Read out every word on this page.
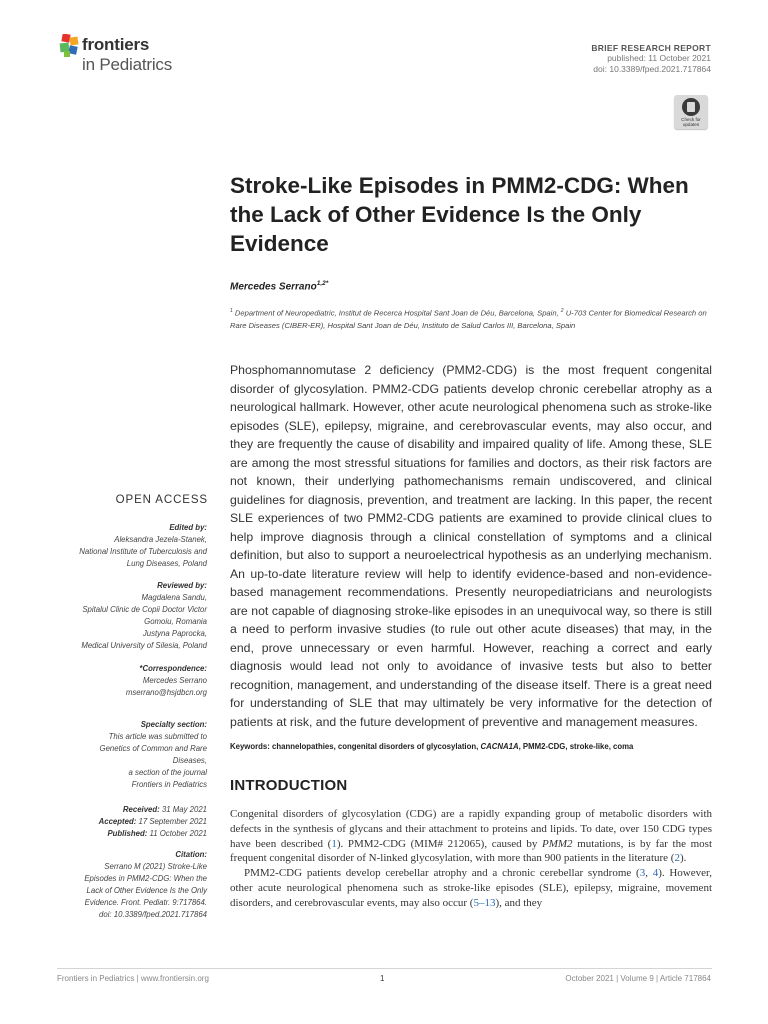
frontiers
in Pediatrics
BRIEF RESEARCH REPORT
published: 11 October 2021
doi: 10.3389/fped.2021.717864
Check for updates
Stroke-Like Episodes in PMM2-CDG: When the Lack of Other Evidence Is the Only Evidence
Mercedes Serrano$^{1,2*}$
$^1$ Department of Neuropediatric, Institut de Recerca Hospital Sant Joan de Déu, Barcelona, Spain, $^2$ U-703 Center for Biomedical Research on Rare Diseases (CIBER-ER), Hospital Sant Joan de Déu, Instituto de Salud Carlos III, Barcelona, Spain

Phosphomannomutase 2 deficiency (PMM2-CDG) is the most frequent congenital disorder of glycosylation. PMM2-CDG patients develop chronic cerebellar atrophy as a neurological hallmark. However, other acute neurological phenomena such as stroke-like episodes (SLE), epilepsy, migraine, and cerebrovascular events, may also occur, and they are frequently the cause of disability and impaired quality of life. Among these, SLE are among the most stressful situations for families and doctors, as their risk factors are not known, their underlying pathomechanisms remain undiscovered, and clinical guidelines for diagnosis, prevention, and treatment are lacking. In this paper, the recent SLE experiences of two PMM2-CDG patients are examined to provide clinical clues to help improve diagnosis through a clinical constellation of symptoms and a clinical definition, but also to support a neuroelectrical hypothesis as an underlying mechanism. An up-to-date literature review will help to identify evidence-based and non-evidence-based management recommendations. Presently neuropediatricians and neurologists are not capable of diagnosing stroke-like episodes in an unequivocal way, so there is still a need to perform invasive studies (to rule out other acute diseases) that may, in the end, prove unnecessary or even harmful. However, reaching a correct and early diagnosis would lead not only to avoidance of invasive tests but also to better recognition, management, and understanding of the disease itself. There is a great need for understanding of SLE that may ultimately be very informative for the detection of patients at risk, and the future development of preventive and management measures.

Keywords: channelopathies, congenital disorders of glycosylation, CACNA1A, PMM2-CDG, stroke-like, coma
INTRODUCTION

Congenital disorders of glycosylation (CDG) are a rapidly expanding group of metabolic disorders with defects in the synthesis of glycans and their attachment to proteins and lipids. To date, over 150 CDG types have been described (1). PMM2-CDG (MIM# 212065), caused by PMM2 mutations, is by far the most frequent congenital disorder of N-linked glycosylation, with more than 900 patients in the literature (2).

PMM2-CDG patients develop cerebellar atrophy and a chronic cerebellar syndrome (3, 4). However, other acute neurological phenomena such as stroke-like episodes (SLE), epilepsy, migraine, movement disorders, and cerebrovascular events, may also occur (5–13), and they

OPEN ACCESS
Edited by:
Aleksandra Jezela-Stanek,
National Institute of Tuberculosis and
Lung Diseases, Poland
Reviewed by:
Magdalena Sandu,
Spitalul Clinic de Copii Doctor Victor
Gomoiu, Romania
Justyna Paprocka,
Medical University of Silesia, Poland
*Correspondence:
Mercedes Serrano
mserrano@hsjdbcn.org
Specialty section:
This article was submitted to
Genetics of Common and Rare
Diseases,
a section of the journal
Frontiers in Pediatrics
Received: 31 May 2021
Accepted: 17 September 2021
Published: 11 October 2021
Citation:
Serrano M (2021) Stroke-Like
Episodes in PMM2-CDG: When the
Lack of Other Evidence Is the Only
Evidence. Front. Pediatr. 9:717864.
doi: 10.3389/fped.2021.717864
Frontiers in Pediatrics | www.frontiersin.org	1	October 2021 | Volume 9 | Article 717864
